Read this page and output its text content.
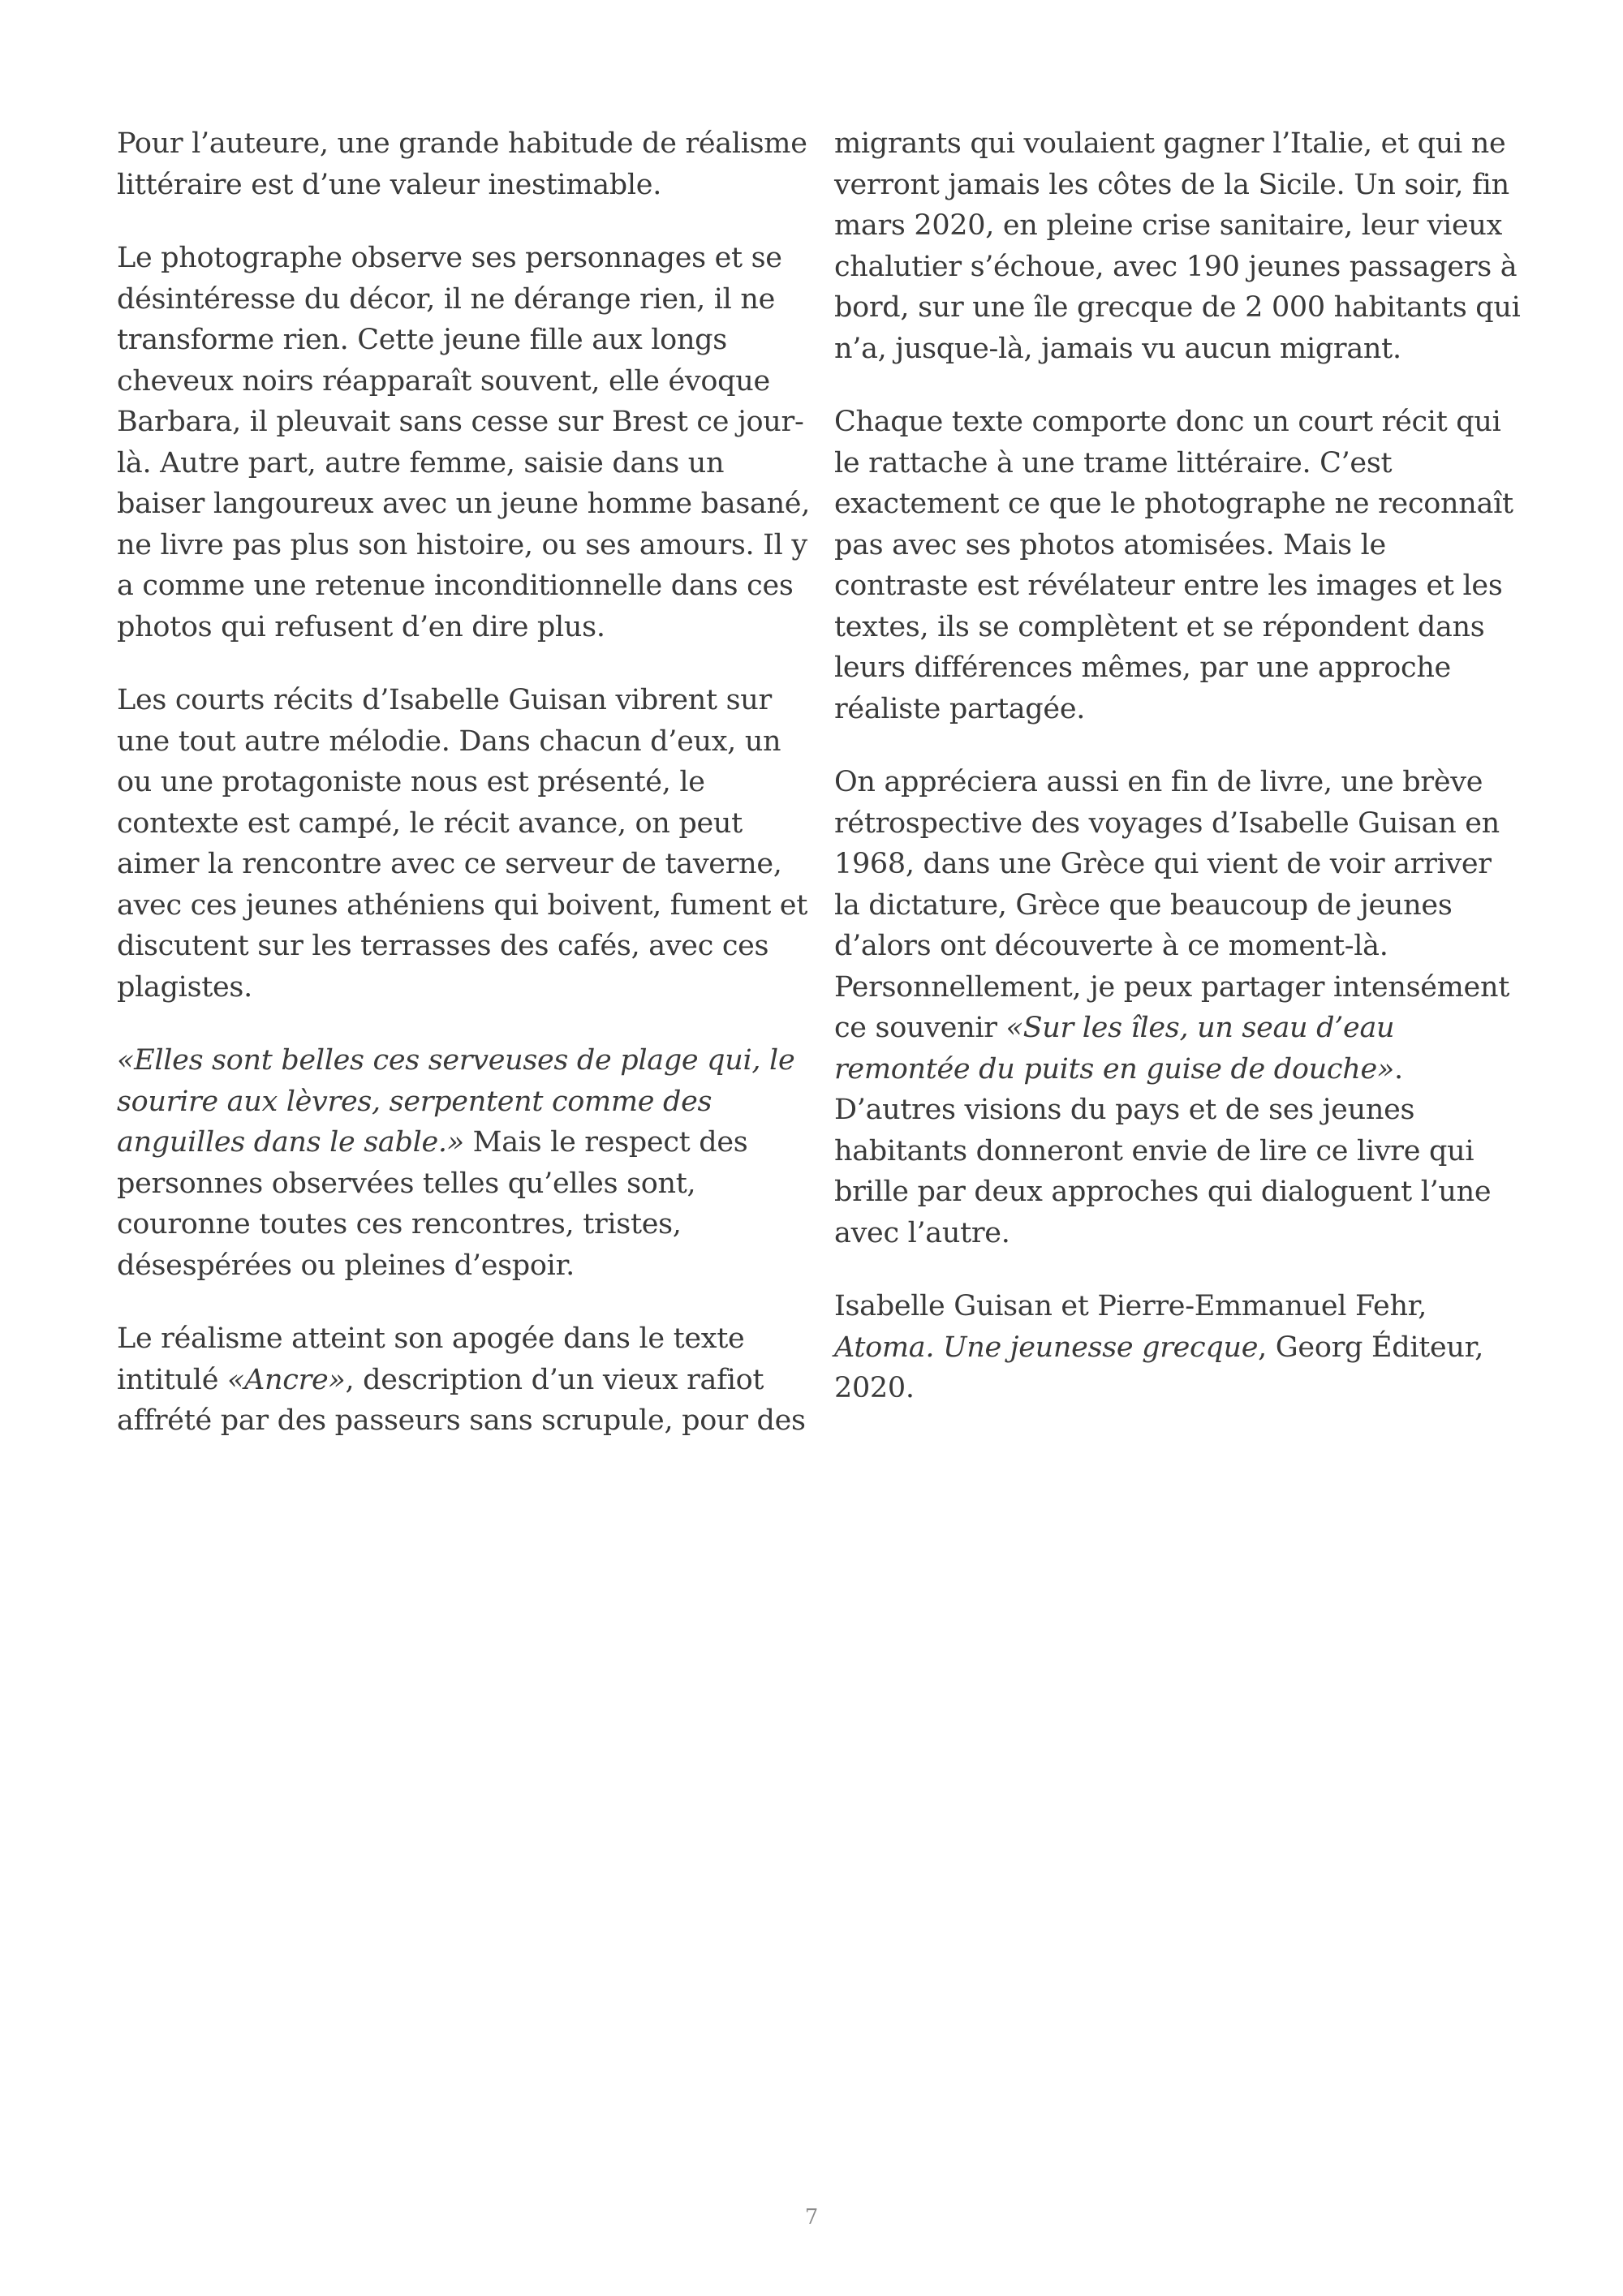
Pour l’auteure, une grande habitude de réalisme littéraire est d’une valeur inestimable.

Le photographe observe ses personnages et se désintéresse du décor, il ne dérange rien, il ne transforme rien. Cette jeune fille aux longs cheveux noirs réapparaît souvent, elle évoque Barbara, il pleuvait sans cesse sur Brest ce jour-là. Autre part, autre femme, saisie dans un baiser langoureux avec un jeune homme basané, ne livre pas plus son histoire, ou ses amours. Il y a comme une retenue inconditionnelle dans ces photos qui refusent d’en dire plus.

Les courts récits d’Isabelle Guisan vibrent sur une tout autre mélodie. Dans chacun d’eux, un ou une protagoniste nous est présenté, le contexte est campé, le récit avance, on peut aimer la rencontre avec ce serveur de taverne, avec ces jeunes athéniens qui boivent, fument et discutent sur les terrasses des cafés, avec ces plagistes.

«Elles sont belles ces serveuses de plage qui, le sourire aux lèvres, serpentent comme des anguilles dans le sable.» Mais le respect des personnes observées telles qu’elles sont, couronne toutes ces rencontres, tristes, désespérées ou pleines d’espoir.

Le réalisme atteint son apogée dans le texte intitulé «Ancre», description d’un vieux rafiot affrété par des passeurs sans scrupule, pour des

migrants qui voulaient gagner l’Italie, et qui ne verront jamais les côtes de la Sicile. Un soir, fin mars 2020, en pleine crise sanitaire, leur vieux chalutier s’échoue, avec 190 jeunes passagers à bord, sur une île grecque de 2 000 habitants qui n’a, jusque-là, jamais vu aucun migrant.

Chaque texte comporte donc un court récit qui le rattache à une trame littéraire. C’est exactement ce que le photographe ne reconnaît pas avec ses photos atomisées. Mais le contraste est révélateur entre les images et les textes, ils se complètent et se répondent dans leurs différences mêmes, par une approche réaliste partagée.

On appréciera aussi en fin de livre, une brève rétrospective des voyages d’Isabelle Guisan en 1968, dans une Grèce qui vient de voir arriver la dictature, Grèce que beaucoup de jeunes d’alors ont découverte à ce moment-là.

Personnellement, je peux partager intensément ce souvenir «Sur les îles, un seau d’eau remontée du puits en guise de douche». D’autres visions du pays et de ses jeunes habitants donneront envie de lire ce livre qui brille par deux approches qui dialoguent l’une avec l’autre.

Isabelle Guisan et Pierre-Emmanuel Fehr,
Atoma. Une jeunesse grecque, Georg Éditeur, 2020.

7
